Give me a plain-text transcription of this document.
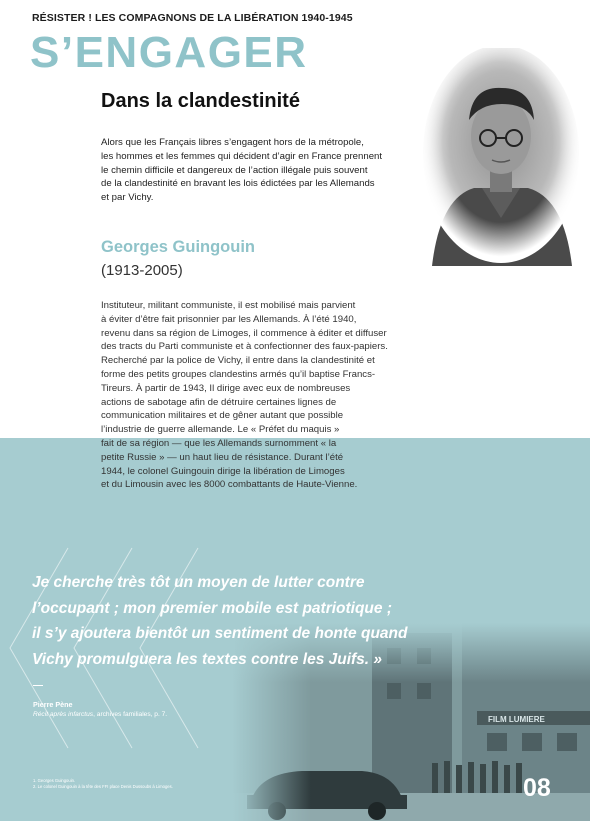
RÉSISTER ! LES COMPAGNONS DE LA LIBÉRATION 1940-1945
S’ENGAGER
Dans la clandestinité

Alors que les Français libres s’engagent hors de la métropole,
les hommes et les femmes qui décident d’agir en France prennent
le chemin difficile et dangereux de l’action illégale puis souvent
de la clandestinité en bravant les lois édictées par les Allemands
et par Vichy.

Georges Guingouin
(1913-2005)

Instituteur, militant communiste, il est mobilisé mais parvient
à éviter d’être fait prisonnier par les Allemands. À l’été 1940,
revenu dans sa région de Limoges, il commence à éditer et diffuser
des tracts du Parti communiste et à confectionner des faux-papiers.
Recherché par la police de Vichy, il entre dans la clandestinité et
forme des petits groupes clandestins armés qu’il baptise Francs-
Tireurs. À partir de 1943, Il dirige avec eux de nombreuses
actions de sabotage afin de détruire certaines lignes de
communication militaires et de gêner autant que possible
l’industrie de guerre allemande. Le « Préfet du maquis »
fait de sa région — que les Allemands surnomment « la
petite Russie » — un haut lieu de résistance. Durant l’été
1944, le colonel Guingouin dirige la libération de Limoges
et du Limousin avec les 8000 combattants de Haute-Vienne.

Je cherche très tôt un moyen de lutter contre
l’occupant ; mon premier mobile est patriotique ;
il s’y ajoutera bientôt un sentiment de honte quand
Vichy promulguera les textes contre les Juifs. »

Pierre Pène
Récit après infarctus, archives familiales, p. 7.
1. Georges Guingouin.
2. Le colonel Guingouin à la tête des FFI place Denis Dussoubs à Limoges.	08
